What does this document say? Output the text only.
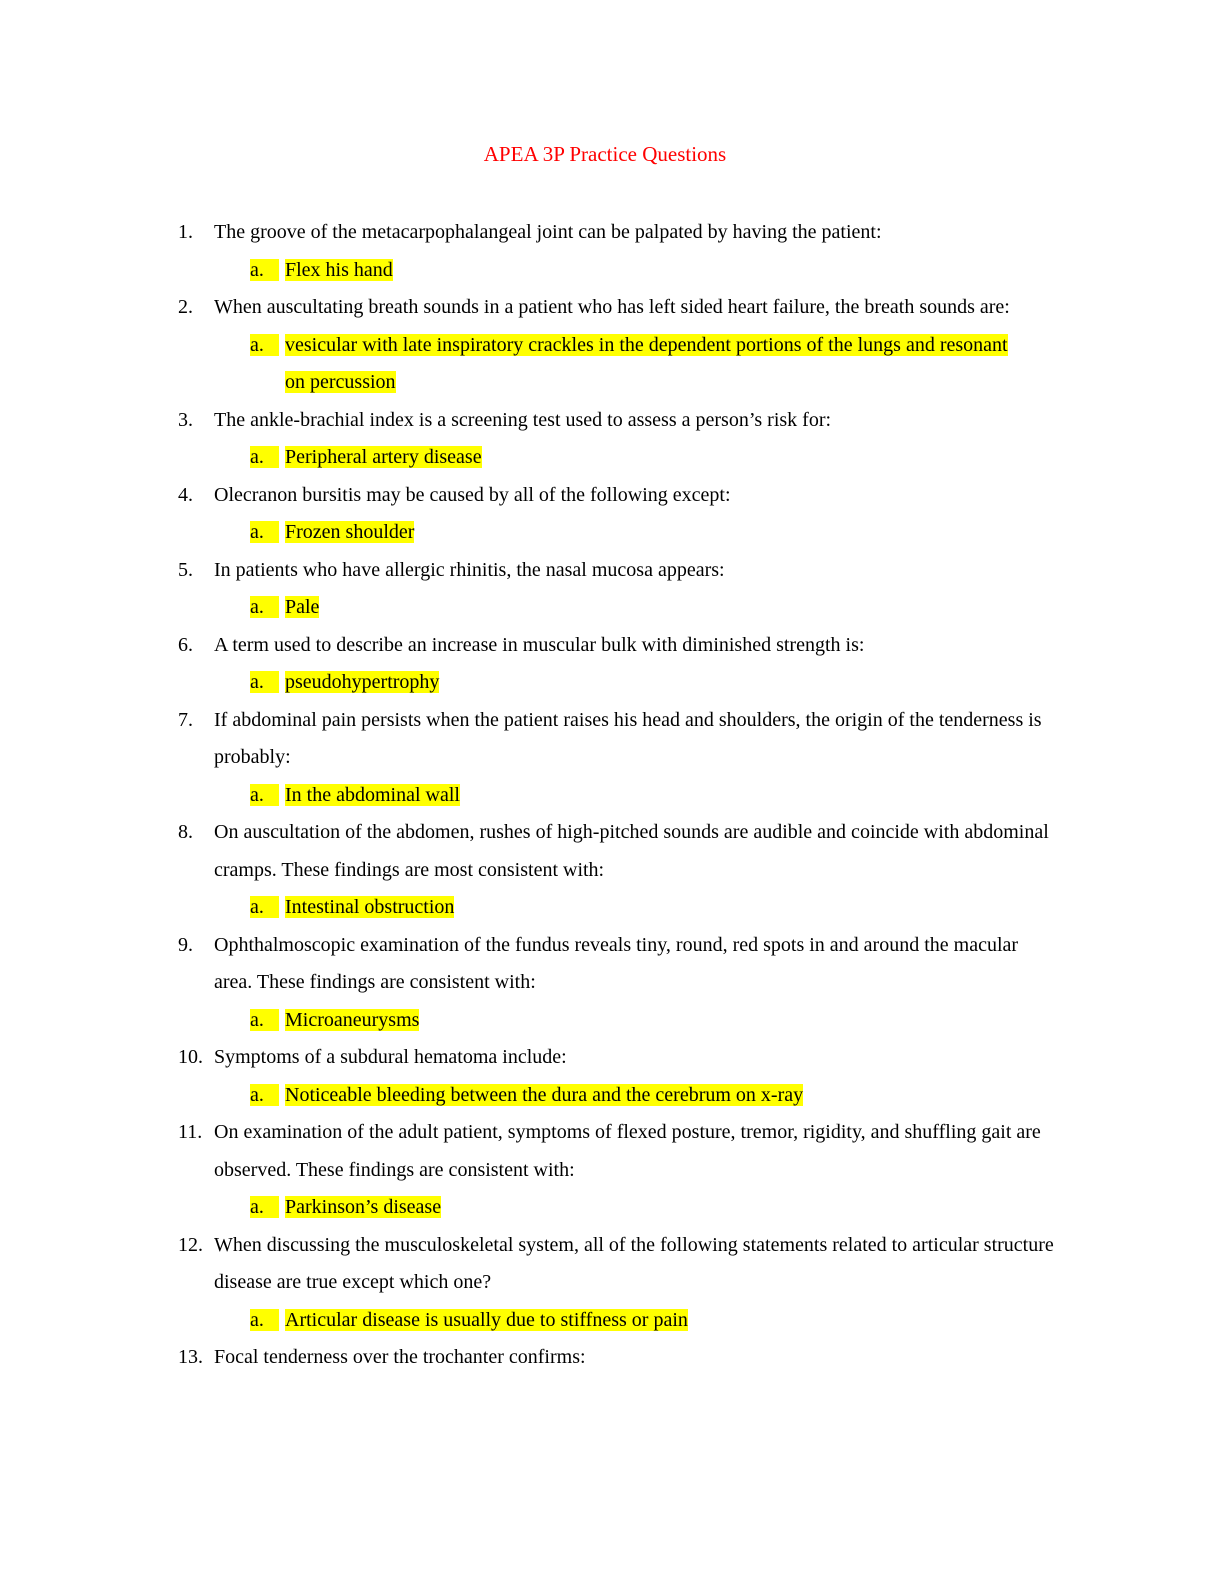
APEA 3P Practice Questions
1.	The groove of the metacarpophalangeal joint can be palpated by having the patient:
a.	Flex his hand
2.	When auscultating breath sounds in a patient who has left sided heart failure, the breath sounds are:
a.	vesicular with late inspiratory crackles in the dependent portions of the lungs and resonant on percussion
3.	The ankle-brachial index is a screening test used to assess a person’s risk for:
a.	Peripheral artery disease
4.	Olecranon bursitis may be caused by all of the following except:
a.	Frozen shoulder
5.	In patients who have allergic rhinitis, the nasal mucosa appears:
a.	Pale
6.	A term used to describe an increase in muscular bulk with diminished strength is:
a.	pseudohypertrophy
7.	If abdominal pain persists when the patient raises his head and shoulders, the origin of the tenderness is probably:
a.	In the abdominal wall
8.	On auscultation of the abdomen, rushes of high-pitched sounds are audible and coincide with abdominal cramps. These findings are most consistent with:
a.	Intestinal obstruction
9.	Ophthalmoscopic examination of the fundus reveals tiny, round, red spots in and around the macular area. These findings are consistent with:
a.	Microaneurysms
10. Symptoms of a subdural hematoma include:
a.	Noticeable bleeding between the dura and the cerebrum on x-ray
11. On examination of the adult patient, symptoms of flexed posture, tremor, rigidity, and shuffling gait are observed. These findings are consistent with:
a.	Parkinson’s disease
12. When discussing the musculoskeletal system, all of the following statements related to articular structure disease are true except which one?
a.	Articular disease is usually due to stiffness or pain
13. Focal tenderness over the trochanter confirms:
